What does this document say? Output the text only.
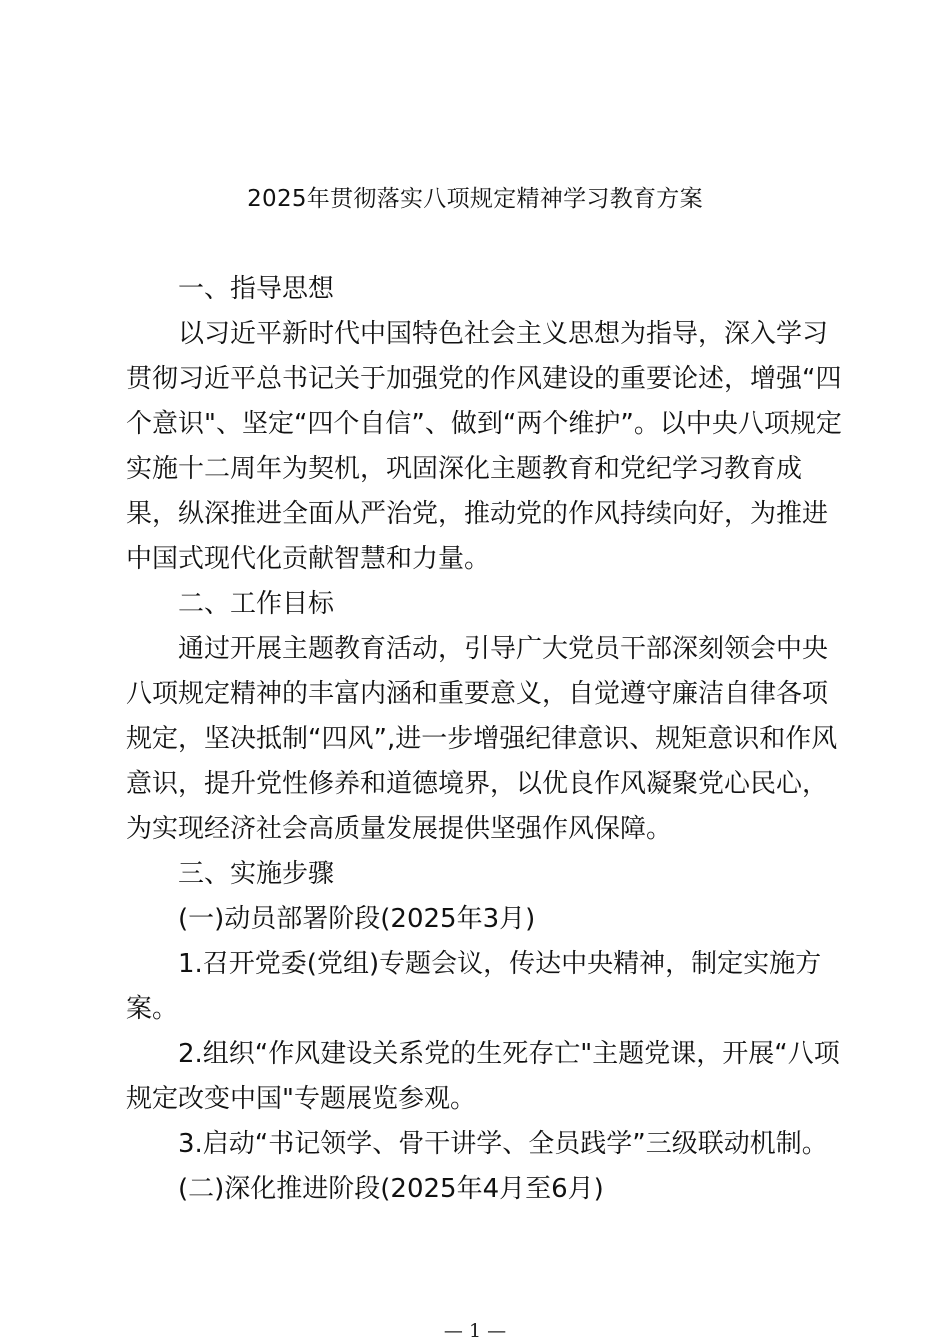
2025年贯彻落实八项规定精神学习教育方案
一、指导思想
以习近平新时代中国特色社会主义思想为指导，深入学习
贯彻习近平总书记关于加强党的作风建设的重要论述，增强“四
个意识"、坚定“四个自信”、做到“两个维护”。以中央八项规定
实施十二周年为契机，巩固深化主题教育和党纪学习教育成
果，纵深推进全面从严治党，推动党的作风持续向好，为推进
中国式现代化贡献智慧和力量。
二、工作目标
通过开展主题教育活动，引导广大党员干部深刻领会中央
八项规定精神的丰富内涵和重要意义，自觉遵守廉洁自律各项
规定，坚决抵制“四风”,进一步增强纪律意识、规矩意识和作风
意识，提升党性修养和道德境界，以优良作风凝聚党心民心，
为实现经济社会高质量发展提供坚强作风保障。
三、实施步骤
(一)动员部署阶段(2025年3月)
1.召开党委(党组)专题会议，传达中央精神，制定实施方
案。
2.组织“作风建设关系党的生死存亡"主题党课，开展“八项
规定改变中国"专题展览参观。
3.启动“书记领学、骨干讲学、全员践学”三级联动机制。
(二)深化推进阶段(2025年4月至6月)
— 1 —
